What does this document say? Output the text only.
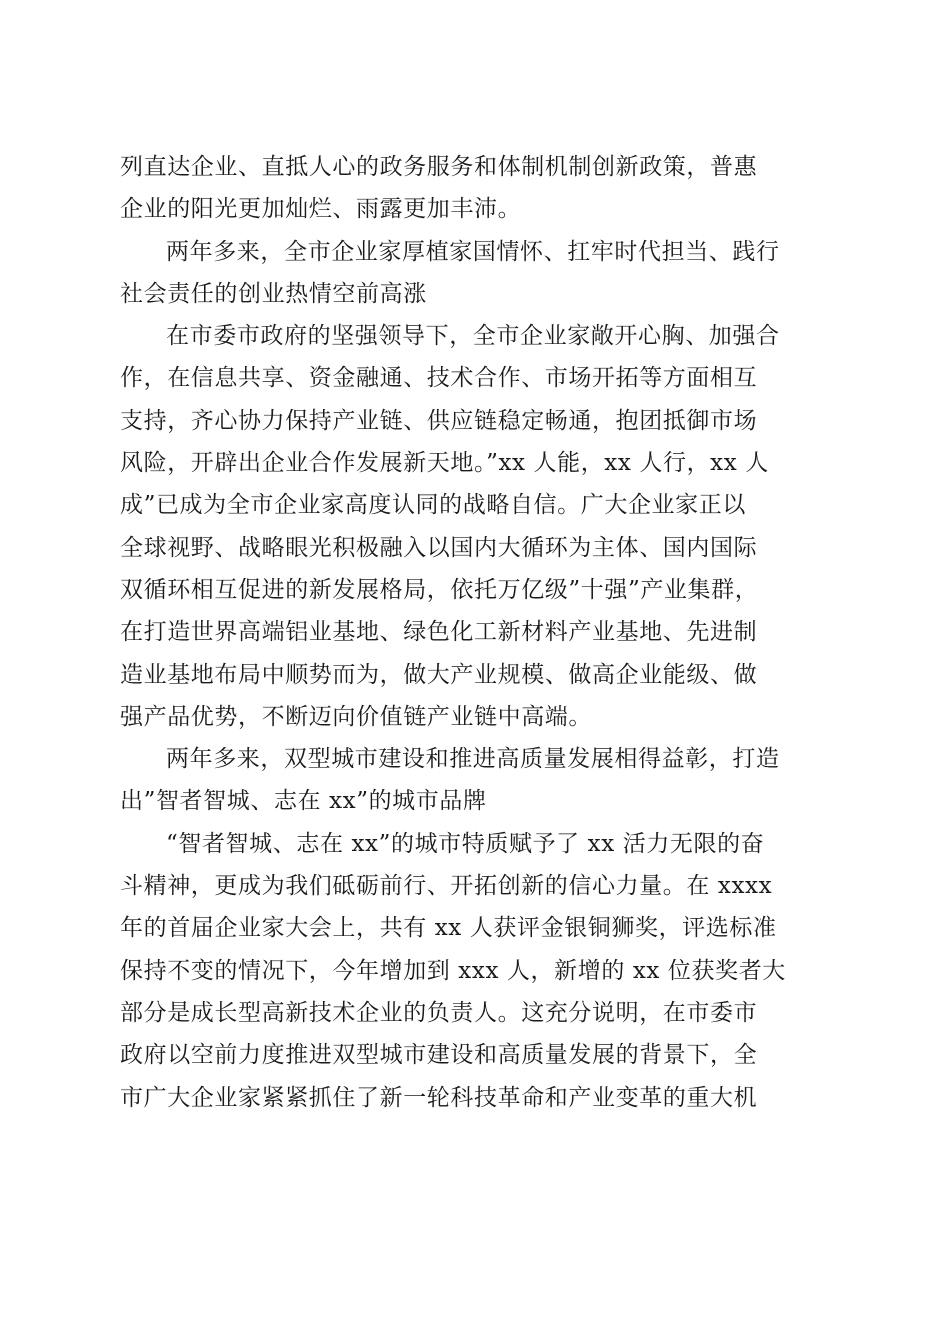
列直达企业、直抵人心的政务服务和体制机制创新政策，普惠
企业的阳光更加灿烂、雨露更加丰沛。
两年多来，全市企业家厚植家国情怀、扛牢时代担当、践行
社会责任的创业热情空前高涨
在市委市政府的坚强领导下，全市企业家敞开心胸、加强合
作，在信息共享、资金融通、技术合作、市场开拓等方面相互
支持，齐心协力保持产业链、供应链稳定畅通，抱团抵御市场
风险，开辟出企业合作发展新天地。”xx 人能，xx 人行，xx 人
成”已成为全市企业家高度认同的战略自信。广大企业家正以
全球视野、战略眼光积极融入以国内大循环为主体、国内国际
双循环相互促进的新发展格局，依托万亿级”十强”产业集群，
在打造世界高端铝业基地、绿色化工新材料产业基地、先进制
造业基地布局中顺势而为，做大产业规模、做高企业能级、做
强产品优势，不断迈向价值链产业链中高端。
两年多来，双型城市建设和推进高质量发展相得益彰，打造
出”智者智城、志在 xx”的城市品牌
“智者智城、志在 xx”的城市特质赋予了 xx 活力无限的奋
斗精神，更成为我们砥砺前行、开拓创新的信心力量。在 xxxx
年的首届企业家大会上，共有 xx 人获评金银铜狮奖，评选标准
保持不变的情况下，今年增加到 xxx 人，新增的 xx 位获奖者大
部分是成长型高新技术企业的负责人。这充分说明，在市委市
政府以空前力度推进双型城市建设和高质量发展的背景下，全
市广大企业家紧紧抓住了新一轮科技革命和产业变革的重大机
